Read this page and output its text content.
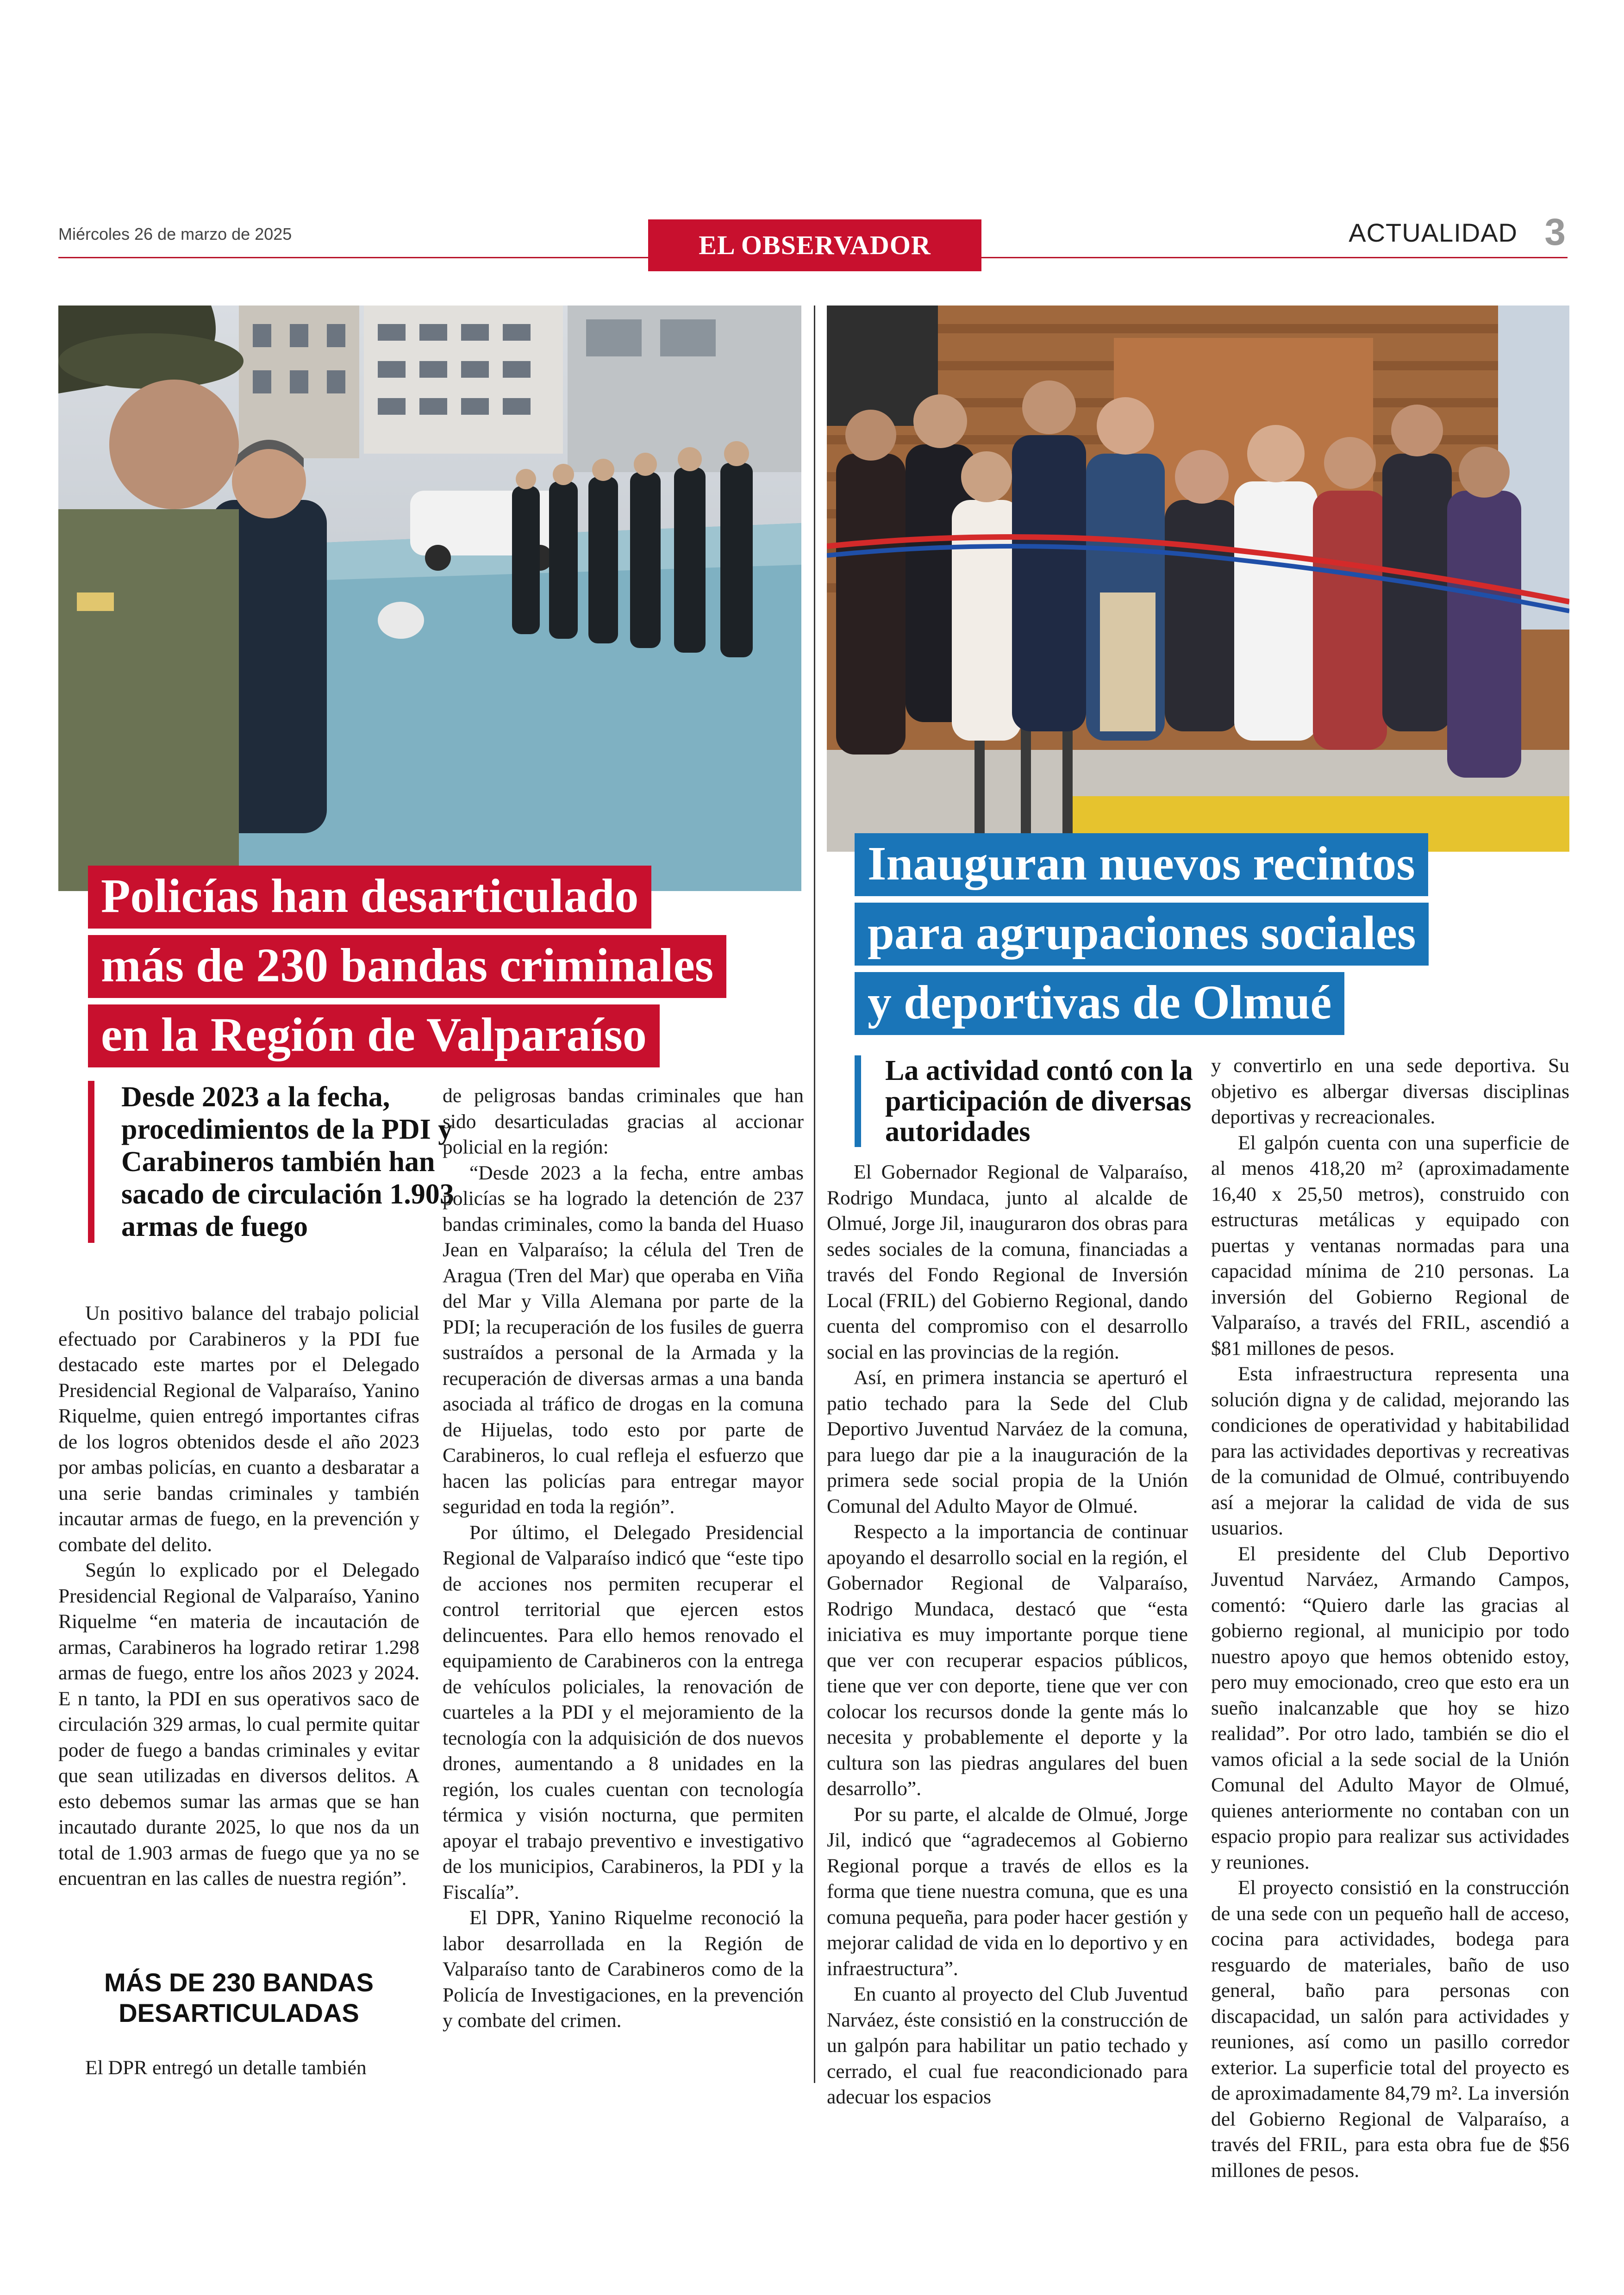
Miércoles 26 de marzo de 2025	EL OBSERVADOR	ACTUALIDAD 3
Policías han desarticulado
más de 230 bandas criminales
en la Región de Valparaíso
Inauguran nuevos recintos
para agrupaciones sociales
y deportivas de Olmué
Desde 2023 a la fecha, procedimientos de la PDI y Carabineros también han sacado de circulación 1.903 armas de fuego
La actividad contó con la participación de diversas autoridades

Un positivo balance del trabajo policial efectuado por Carabineros y la PDI fue destacado este martes por el Delegado Presidencial Regional de Valparaíso, Yanino Riquelme, quien entregó importantes cifras de los logros obtenidos desde el año 2023 por ambas policías, en cuanto a desbaratar a una serie bandas criminales y también incautar armas de fuego, en la prevención y combate del delito.

Según lo explicado por el Delegado Presidencial Regional de Valparaíso, Yanino Riquelme “en materia de incautación de armas, Carabineros ha logrado retirar 1.298 armas de fuego, entre los años 2023 y 2024. E n tanto, la PDI en sus operativos saco de circulación 329 armas, lo cual permite quitar poder de fuego a bandas criminales y evitar que sean utilizadas en diversos delitos. A esto debemos sumar las armas que se han incautado durante 2025, lo que nos da un total de 1.903 armas de fuego que ya no se encuentran en las calles de nuestra región”.

MÁS DE 230 BANDAS DESARTICULADAS

El DPR entregó un detalle también

de peligrosas bandas criminales que han sido desarticuladas gracias al accionar policial en la región:

“Desde 2023 a la fecha, entre ambas policías se ha logrado la detención de 237 bandas criminales, como la banda del Huaso Jean en Valparaíso; la célula del Tren de Aragua (Tren del Mar) que operaba en Viña del Mar y Villa Alemana por parte de la PDI; la recuperación de los fusiles de guerra sustraídos a personal de la Armada y la recuperación de diversas armas a una banda asociada al tráfico de drogas en la comuna de Hijuelas, todo esto por parte de Carabineros, lo cual refleja el esfuerzo que hacen las policías para entregar mayor seguridad en toda la región”.

Por último, el Delegado Presidencial Regional de Valparaíso indicó que “este tipo de acciones nos permiten recuperar el control territorial que ejercen estos delincuentes. Para ello hemos renovado el equipamiento de Carabineros con la entrega de vehículos policiales, la renovación de cuarteles a la PDI y el mejoramiento de la tecnología con la adquisición de dos nuevos drones, aumentando a 8 unidades en la región, los cuales cuentan con tecnología térmica y visión nocturna, que permiten apoyar el trabajo preventivo e investigativo de los municipios, Carabineros, la PDI y la Fiscalía”.

El DPR, Yanino Riquelme reconoció la labor desarrollada en la Región de Valparaíso tanto de Carabineros como de la Policía de Investigaciones, en la prevención y combate del crimen.

El Gobernador Regional de Valparaíso, Rodrigo Mundaca, junto al alcalde de Olmué, Jorge Jil, inauguraron dos obras para sedes sociales de la comuna, financiadas a través del Fondo Regional de Inversión Local (FRIL) del Gobierno Regional, dando cuenta del compromiso con el desarrollo social en las provincias de la región.

Así, en primera instancia se aperturó el patio techado para la Sede del Club Deportivo Juventud Narváez de la comuna, para luego dar pie a la inauguración de la primera sede social propia de la Unión Comunal del Adulto Mayor de Olmué.

Respecto a la importancia de continuar apoyando el desarrollo social en la región, el Gobernador Regional de Valparaíso, Rodrigo Mundaca, destacó que “esta iniciativa es muy importante porque tiene que ver con recuperar espacios públicos, tiene que ver con deporte, tiene que ver con colocar los recursos donde la gente más lo necesita y probablemente el deporte y la cultura son las piedras angulares del buen desarrollo”.

Por su parte, el alcalde de Olmué, Jorge Jil, indicó que “agradecemos al Gobierno Regional porque a través de ellos es la forma que tiene nuestra comuna, que es una comuna pequeña, para poder hacer gestión y mejorar calidad de vida en lo deportivo y en infraestructura”.

En cuanto al proyecto del Club Juventud Narváez, éste consistió en la construcción de un galpón para habilitar un patio techado y cerrado, el cual fue reacondicionado para adecuar los espacios

y convertirlo en una sede deportiva. Su objetivo es albergar diversas disciplinas deportivas y recreacionales.

El galpón cuenta con una superficie de al menos 418,20 m² (aproximadamente 16,40 x 25,50 metros), construido con estructuras metálicas y equipado con puertas y ventanas normadas para una capacidad mínima de 210 personas. La inversión del Gobierno Regional de Valparaíso, a través del FRIL, ascendió a $81 millones de pesos.

Esta infraestructura representa una solución digna y de calidad, mejorando las condiciones de operatividad y habitabilidad para las actividades deportivas y recreativas de la comunidad de Olmué, contribuyendo así a mejorar la calidad de vida de sus usuarios.

El presidente del Club Deportivo Juventud Narváez, Armando Campos, comentó: “Quiero darle las gracias al gobierno regional, al municipio por todo nuestro apoyo que hemos obtenido estoy, pero muy emocionado, creo que esto era un sueño inalcanzable que hoy se hizo realidad”. Por otro lado, también se dio el vamos oficial a la sede social de la Unión Comunal del Adulto Mayor de Olmué, quienes anteriormente no contaban con un espacio propio para realizar sus actividades y reuniones.

El proyecto consistió en la construcción de una sede con un pequeño hall de acceso, cocina para actividades, bodega para resguardo de materiales, baño de uso general, baño para personas con discapacidad, un salón para actividades y reuniones, así como un pasillo corredor exterior. La superficie total del proyecto es de aproximadamente 84,79 m². La inversión del Gobierno Regional de Valparaíso, a través del FRIL, para esta obra fue de $56 millones de pesos.
